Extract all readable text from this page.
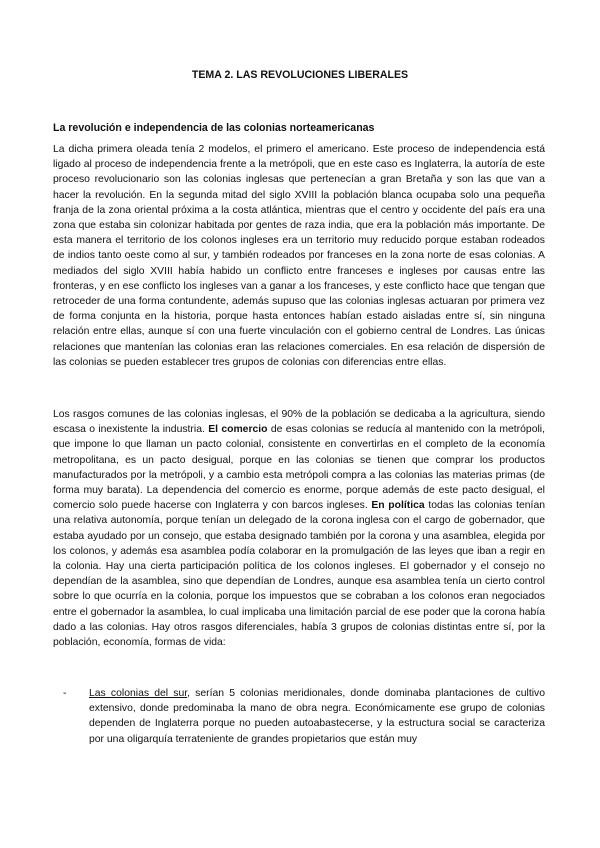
TEMA 2. LAS REVOLUCIONES LIBERALES
La revolución e independencia de las colonias norteamericanas

La dicha primera oleada tenía 2 modelos, el primero el americano. Este proceso de independencia está ligado al proceso de independencia frente a la metrópoli, que en este caso es Inglaterra, la autoría de este proceso revolucionario son las colonias inglesas que pertenecían a gran Bretaña y son las que van a hacer la revolución. En la segunda mitad del siglo XVIII la población blanca ocupaba solo una pequeña franja de la zona oriental próxima a la costa atlántica, mientras que el centro y occidente del país era una zona que estaba sin colonizar habitada por gentes de raza india, que era la población más importante. De esta manera el territorio de los colonos ingleses era un territorio muy reducido porque estaban rodeados de indios tanto oeste como al sur, y también rodeados por franceses en la zona norte de esas colonias. A mediados del siglo XVIII había habido un conflicto entre franceses e ingleses por causas entre las fronteras, y en ese conflicto los ingleses van a ganar a los franceses, y este conflicto hace que tengan que retroceder de una forma contundente, además supuso que las colonias inglesas actuaran por primera vez de forma conjunta en la historia, porque hasta entonces habían estado aisladas entre sí, sin ninguna relación entre ellas, aunque sí con una fuerte vinculación con el gobierno central de Londres. Las únicas relaciones que mantenían las colonias eran las relaciones comerciales. En esa relación de dispersión de las colonias se pueden establecer tres grupos de colonias con diferencias entre ellas.

Los rasgos comunes de las colonias inglesas, el 90% de la población se dedicaba a la agricultura, siendo escasa o inexistente la industria. El comercio de esas colonias se reducía al mantenido con la metrópoli, que impone lo que llaman un pacto colonial, consistente en convertirlas en el completo de la economía metropolitana, es un pacto desigual, porque en las colonias se tienen que comprar los productos manufacturados por la metrópoli, y a cambio esta metrópoli compra a las colonias las materias primas (de forma muy barata). La dependencia del comercio es enorme, porque además de este pacto desigual, el comercio solo puede hacerse con Inglaterra y con barcos ingleses. En política todas las colonias tenían una relativa autonomía, porque tenían un delegado de la corona inglesa con el cargo de gobernador, que estaba ayudado por un consejo, que estaba designado también por la corona y una asamblea, elegida por los colonos, y además esa asamblea podía colaborar en la promulgación de las leyes que iban a regir en la colonia. Hay una cierta participación política de los colonos ingleses. El gobernador y el consejo no dependían de la asamblea, sino que dependían de Londres, aunque esa asamblea tenía un cierto control sobre lo que ocurría en la colonia, porque los impuestos que se cobraban a los colonos eran negociados entre el gobernador la asamblea, lo cual implicaba una limitación parcial de ese poder que la corona había dado a las colonias. Hay otros rasgos diferenciales, había 3 grupos de colonias distintas entre sí, por la población, economía, formas de vida:

- Las colonias del sur, serían 5 colonias meridionales, donde dominaba plantaciones de cultivo extensivo, donde predominaba la mano de obra negra. Económicamente ese grupo de colonias dependen de Inglaterra porque no pueden autoabastecerse, y la estructura social se caracteriza por una oligarquía terrateniente de grandes propietarios que están muy
